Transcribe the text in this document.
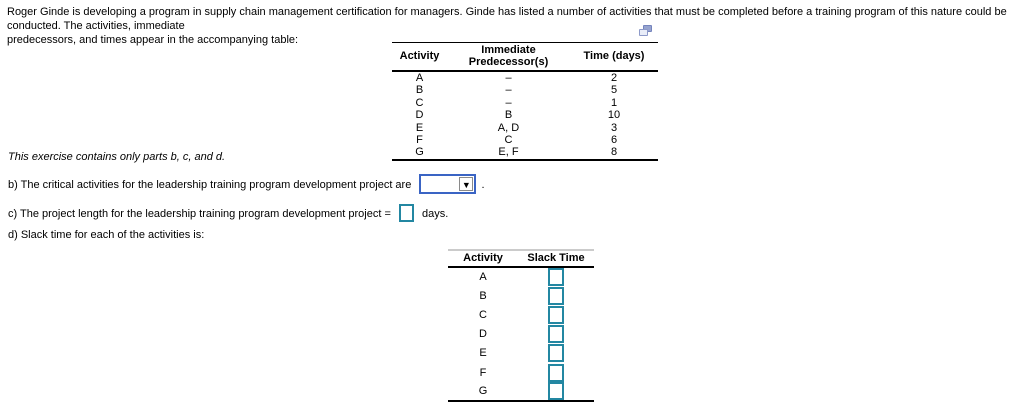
Roger Ginde is developing a program in supply chain management certification for managers. Ginde has listed a number of activities that must be completed before a training program of this nature could be conducted. The activities, immediate
predecessors, and times appear in the accompanying table:
Activity	Immediate Predecessor(s)	Time (days)
A	–	2
B	–	5
C	–	1
D	B	10
E	A, D	3
F	C	6
G	E, F	8
This exercise contains only parts b, c, and d.
b) The critical activities for the leadership training program development project are	▼ .
c) The project length for the leadership training program development project =	days.
d) Slack time for each of the activities is:
Activity	Slack Time
A	
B	
C	
D	
E	
F	
G	
